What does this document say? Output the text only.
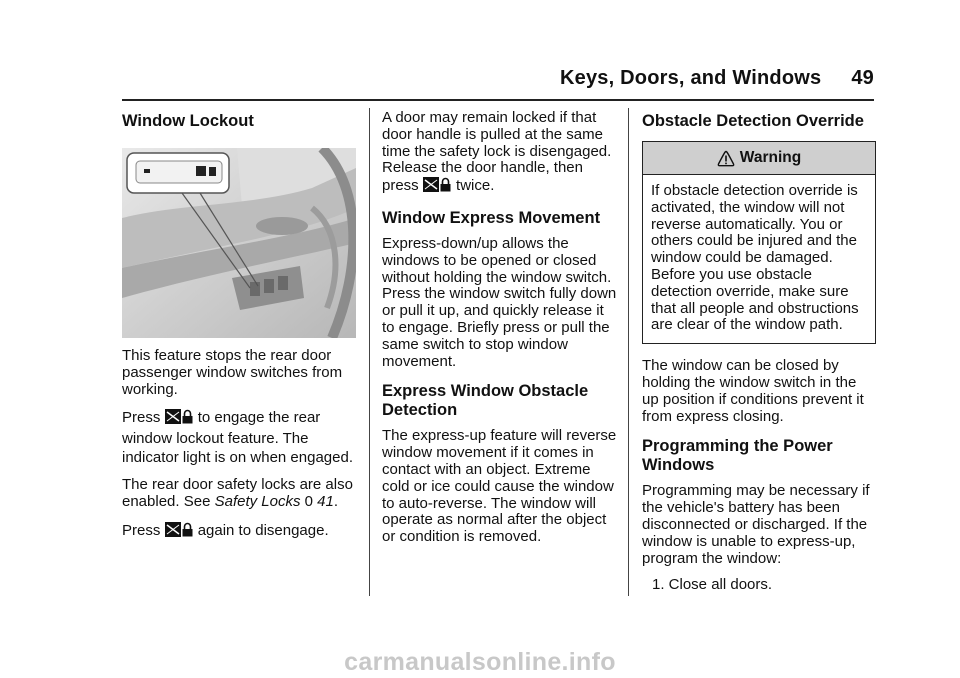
Keys, Doors, and Windows 49
Window Lockout

This feature stops the rear door passenger window switches from working.

Press to engage the rear window lockout feature. The indicator light is on when engaged.

The rear door safety locks are also enabled. See Safety Locks 0 41.

Press again to disengage.

A door may remain locked if that door handle is pulled at the same time the safety lock is disengaged. Release the door handle, then press twice.

Window Express Movement

Express-down/up allows the windows to be opened or closed without holding the window switch. Press the window switch fully down or pull it up, and quickly release it to engage. Briefly press or pull the same switch to stop window movement.

Express Window Obstacle Detection

The express-up feature will reverse window movement if it comes in contact with an object. Extreme cold or ice could cause the window to auto-reverse. The window will operate as normal after the object or condition is removed.

Obstacle Detection Override
Warning
If obstacle detection override is activated, the window will not reverse automatically. You or others could be injured and the window could be damaged. Before you use obstacle detection override, make sure that all people and obstructions are clear of the window path.

The window can be closed by holding the window switch in the up position if conditions prevent it from express closing.

Programming the Power Windows

Programming may be necessary if the vehicle's battery has been disconnected or discharged. If the window is unable to express-up, program the window:

1. Close all doors.

carmanualsonline.info
